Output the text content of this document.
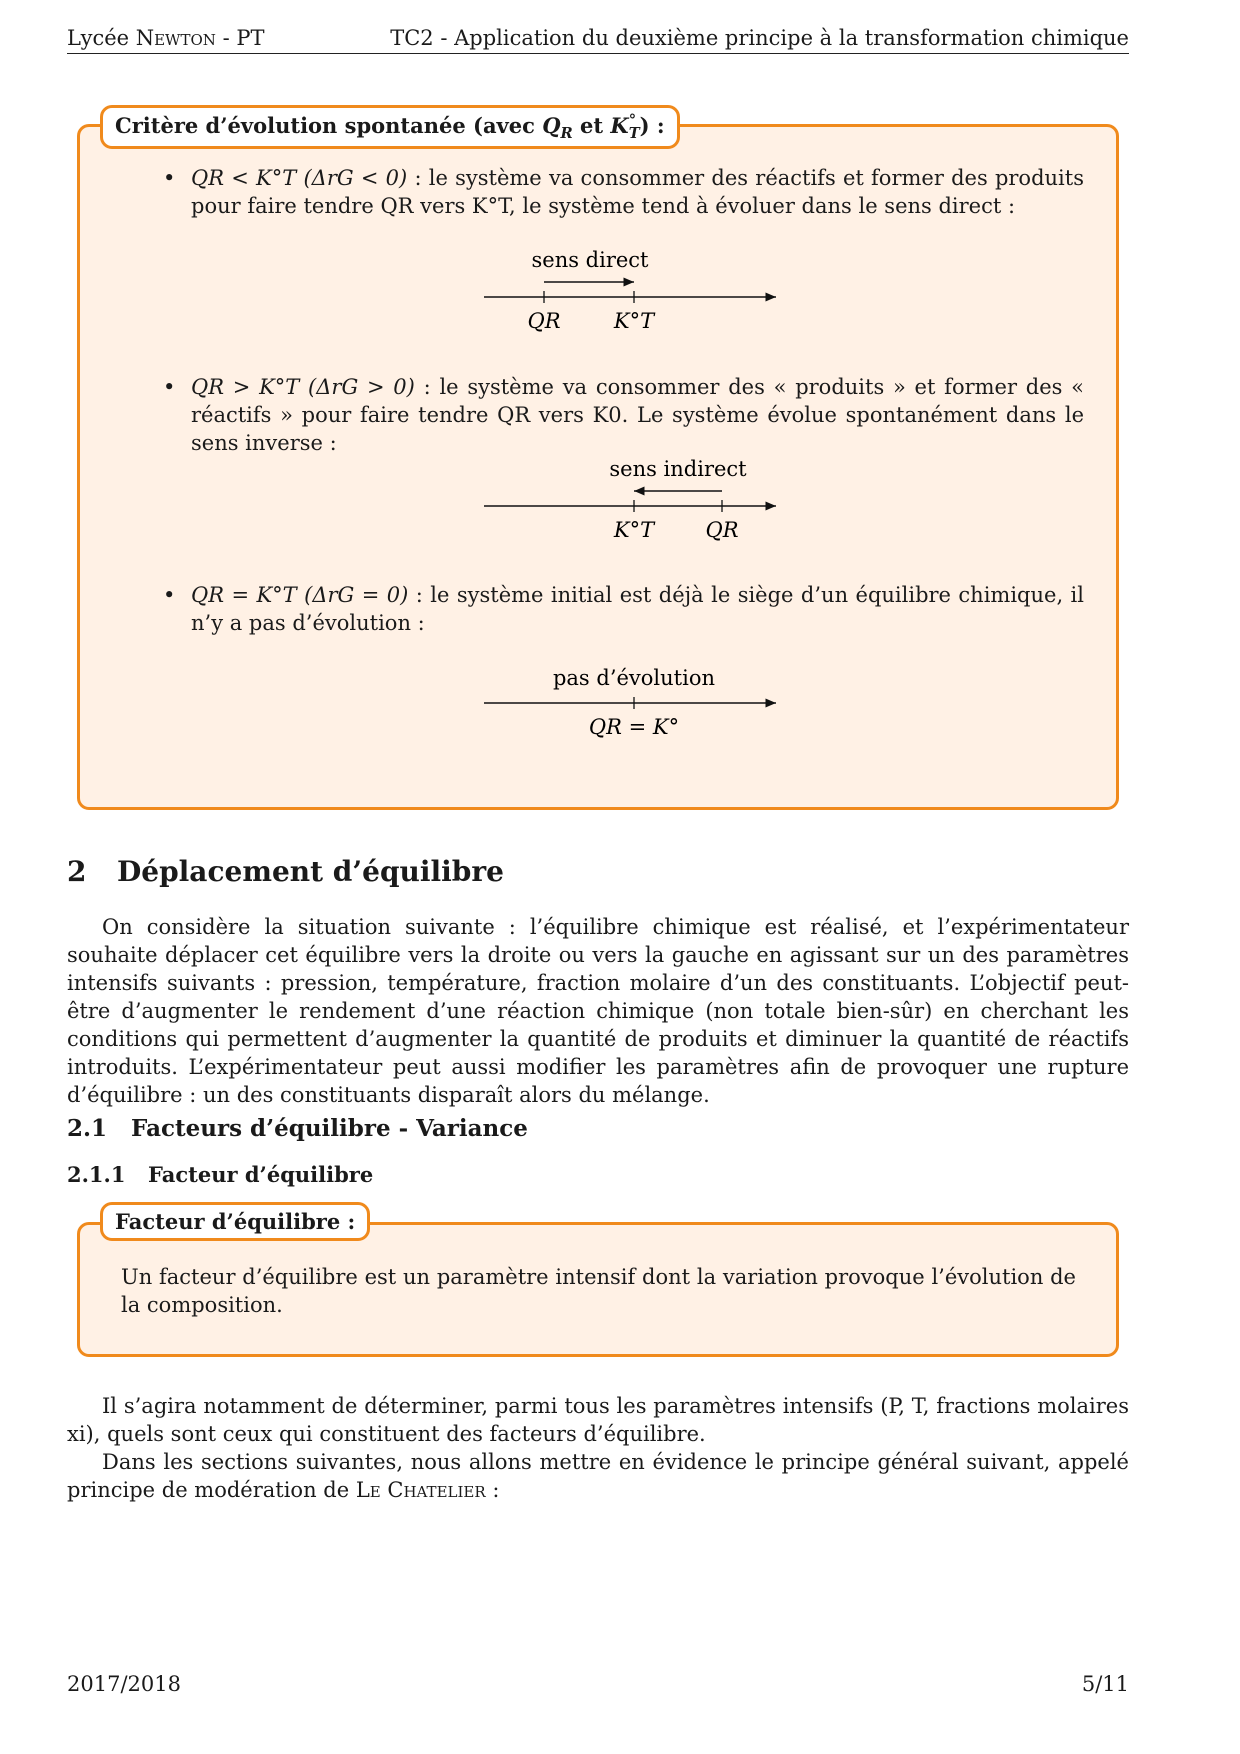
Lycée Newton - PT	TC2 - Application du deuxième principe à la transformation chimique
Critère d’évolution spontanée (avec $Q_R$ et $K^\circ_T$) :
• QR < K°T (ΔrG < 0) : le système va consommer des réactifs et former des produits pour faire tendre QR vers K°T, le système tend à évoluer dans le sens direct :
sens direct
QR	K°T
• QR > K°T (ΔrG > 0) : le système va consommer des « produits » et former des « réactifs » pour faire tendre QR vers K0. Le système évolue spontanément dans le sens inverse :
sens indirect
K°T QR
• QR = K°T (ΔrG = 0) : le système initial est déjà le siège d’un équilibre chimique, il n’y a pas d’évolution :
pas d’évolution
QR = K°
2 Déplacement d’équilibre
On considère la situation suivante : l’équilibre chimique est réalisé, et l’expérimentateur souhaite déplacer cet équilibre vers la droite ou vers la gauche en agissant sur un des paramètres intensifs suivants : pression, température, fraction molaire d’un des constituants. L’objectif peut-être d’augmenter le rendement d’une réaction chimique (non totale bien-sûr) en cherchant les conditions qui permettent d’augmenter la quantité de produits et diminuer la quantité de réactifs introduits. L’expérimentateur peut aussi modifier les paramètres afin de provoquer une rupture d’équilibre : un des constituants disparaît alors du mélange.
2.1 Facteurs d’équilibre - Variance
2.1.1 Facteur d’équilibre
Facteur d’équilibre :
Un facteur d’équilibre est un paramètre intensif dont la variation provoque l’évolution de la composition.
Il s’agira notamment de déterminer, parmi tous les paramètres intensifs (P, T, fractions molaires xi), quels sont ceux qui constituent des facteurs d’équilibre.
Dans les sections suivantes, nous allons mettre en évidence le principe général suivant, appelé principe de modération de Le Chatelier :
2017/2018	5/11
